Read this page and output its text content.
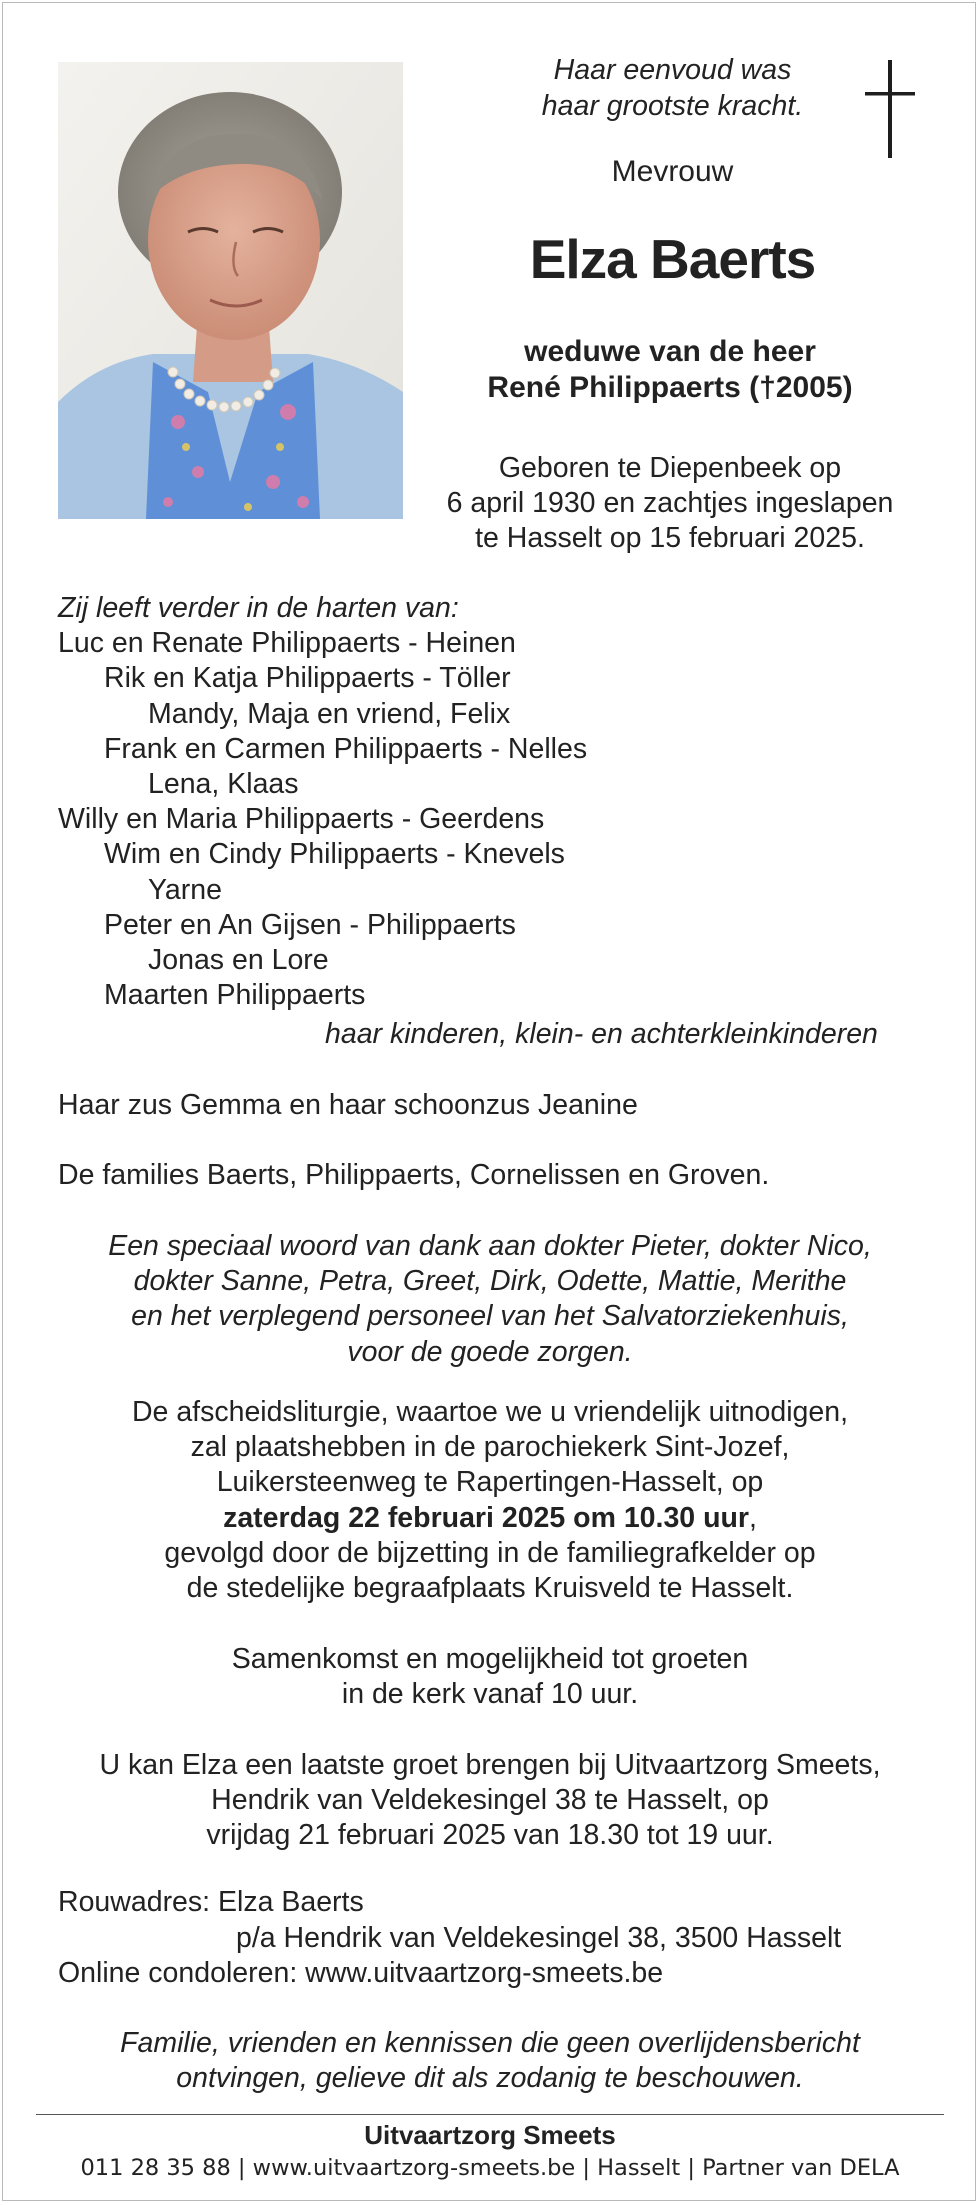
Haar eenvoud was
haar grootste kracht.
Mevrouw
Elza Baerts
weduwe van de heer
René Philippaerts (†2005)
Geboren te Diepenbeek op
6 april 1930 en zachtjes ingeslapen
te Hasselt op 15 februari 2025.
Zij leeft verder in de harten van:
Luc en Renate Philippaerts - Heinen
Rik en Katja Philippaerts - Töller
Mandy, Maja en vriend, Felix
Frank en Carmen Philippaerts - Nelles
Lena, Klaas
Willy en Maria Philippaerts - Geerdens
Wim en Cindy Philippaerts - Knevels
Yarne
Peter en An Gijsen - Philippaerts
Jonas en Lore
Maarten Philippaerts
haar kinderen, klein- en achterkleinkinderen
Haar zus Gemma en haar schoonzus Jeanine
De families Baerts, Philippaerts, Cornelissen en Groven.
Een speciaal woord van dank aan dokter Pieter, dokter Nico,
dokter Sanne, Petra, Greet, Dirk, Odette, Mattie, Merithe
en het verplegend personeel van het Salvatorziekenhuis,
voor de goede zorgen.
De afscheidsliturgie, waartoe we u vriendelijk uitnodigen,
zal plaatshebben in de parochiekerk Sint-Jozef,
Luikersteenweg te Rapertingen-Hasselt, op
zaterdag 22 februari 2025 om 10.30 uur,
gevolgd door de bijzetting in de familiegrafkelder op
de stedelijke begraafplaats Kruisveld te Hasselt.
Samenkomst en mogelijkheid tot groeten
in de kerk vanaf 10 uur.
U kan Elza een laatste groet brengen bij Uitvaartzorg Smeets,
Hendrik van Veldekesingel 38 te Hasselt, op
vrijdag 21 februari 2025 van 18.30 tot 19 uur.
Rouwadres: Elza Baerts
p/a Hendrik van Veldekesingel 38, 3500 Hasselt
Online condoleren: www.uitvaartzorg-smeets.be
Familie, vrienden en kennissen die geen overlijdensbericht
ontvingen, gelieve dit als zodanig te beschouwen.
Uitvaartzorg Smeets
011 28 35 88 | www.uitvaartzorg-smeets.be | Hasselt | Partner van DELA
